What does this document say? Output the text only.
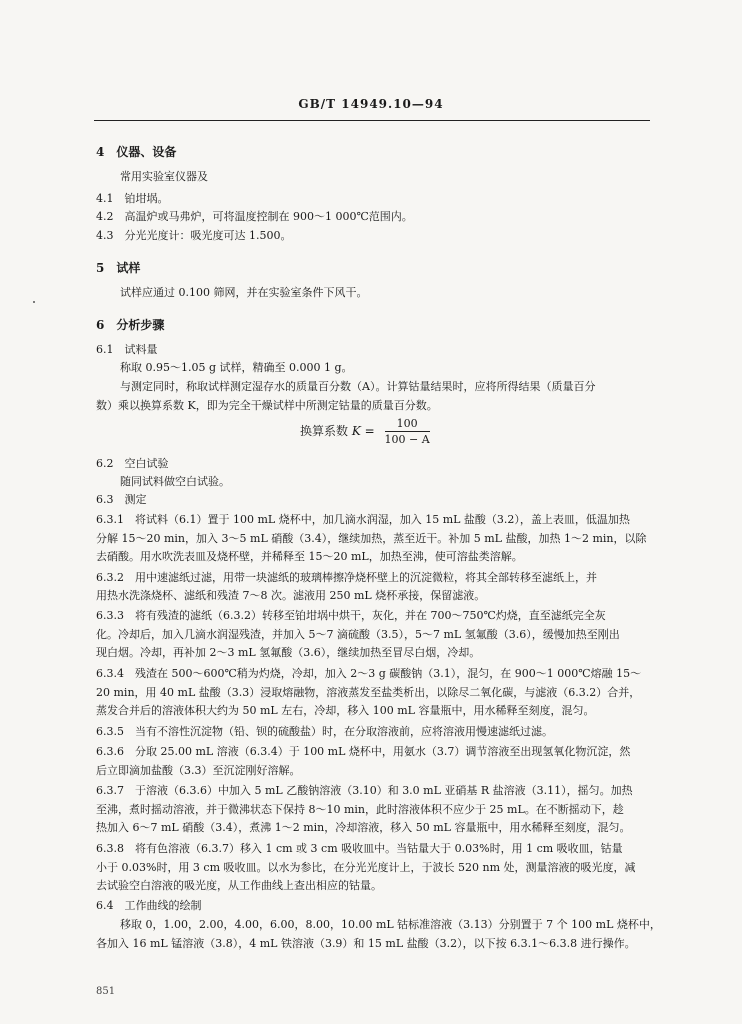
GB/T 14949.10—94
4　仪器、设备
常用实验室仪器及
4.1　铂坩埚。
4.2　高温炉或马弗炉，可将温度控制在 900～1 000℃范围内。
4.3　分光光度计：吸光度可达 1.500。
5　试样
试样应通过 0.100 筛网，并在实验室条件下风干。
6　分析步骤
6.1　试料量
称取 0.95～1.05 g 试样，精确至 0.000 1 g。
与测定同时，称取试样测定湿存水的质量百分数（A）。计算钴量结果时，应将所得结果（质量百分
数）乘以换算系数 K，即为完全干燥试样中所测定钴量的质量百分数。
6.2　空白试验
随同试料做空白试验。
6.3　测定
6.3.1　将试料（6.1）置于 100 mL 烧杯中，加几滴水润湿，加入 15 mL 盐酸（3.2），盖上表皿，低温加热
分解 15～20 min，加入 3～5 mL 硝酸（3.4），继续加热，蒸至近干。补加 5 mL 盐酸，加热 1～2 min，以除
去硝酸。用水吹洗表皿及烧杯壁，并稀释至 15～20 mL，加热至沸，使可溶盐类溶解。
6.3.2　用中速滤纸过滤，用带一块滤纸的玻璃棒擦净烧杯壁上的沉淀微粒，将其全部转移至滤纸上，并
用热水洗涤烧杯、滤纸和残渣 7～8 次。滤液用 250 mL 烧杯承接，保留滤液。
6.3.3　将有残渣的滤纸（6.3.2）转移至铂坩埚中烘干，灰化，并在 700～750℃灼烧，直至滤纸完全灰
化。冷却后，加入几滴水润湿残渣，并加入 5～7 滴硫酸（3.5），5～7 mL 氢氟酸（3.6），缓慢加热至刚出
现白烟。冷却，再补加 2～3 mL 氢氟酸（3.6），继续加热至冒尽白烟，冷却。
6.3.4　残渣在 500～600℃稍为灼烧，冷却，加入 2～3 g 碳酸钠（3.1），混匀，在 900～1 000℃熔融 15～
20 min，用 40 mL 盐酸（3.3）浸取熔融物，溶液蒸发至盐类析出，以除尽二氧化碳，与滤液（6.3.2）合并，
蒸发合并后的溶液体积大约为 50 mL 左右，冷却，移入 100 mL 容量瓶中，用水稀释至刻度，混匀。
6.3.5　当有不溶性沉淀物（铅、钡的硫酸盐）时，在分取溶液前，应将溶液用慢速滤纸过滤。
6.3.6　分取 25.00 mL 溶液（6.3.4）于 100 mL 烧杯中，用氨水（3.7）调节溶液至出现氢氧化物沉淀，然
后立即滴加盐酸（3.3）至沉淀刚好溶解。
6.3.7　于溶液（6.3.6）中加入 5 mL 乙酸钠溶液（3.10）和 3.0 mL 亚硝基 R 盐溶液（3.11），摇匀。加热
至沸，煮时摇动溶液，并于微沸状态下保持 8～10 min，此时溶液体积不应少于 25 mL。在不断摇动下，趁
热加入 6～7 mL 硝酸（3.4），煮沸 1～2 min，冷却溶液，移入 50 mL 容量瓶中，用水稀释至刻度，混匀。
6.3.8　将有色溶液（6.3.7）移入 1 cm 或 3 cm 吸收皿中。当钴量大于 0.03%时，用 1 cm 吸收皿，钴量
小于 0.03%时，用 3 cm 吸收皿。以水为参比，在分光光度计上，于波长 520 nm 处，测量溶液的吸光度，减
去试验空白溶液的吸光度，从工作曲线上查出相应的钴量。
6.4　工作曲线的绘制
移取 0，1.00，2.00，4.00，6.00，8.00，10.00 mL 钴标准溶液（3.13）分别置于 7 个 100 mL 烧杯中，
各加入 16 mL 锰溶液（3.8），4 mL 铁溶液（3.9）和 15 mL 盐酸（3.2），以下按 6.3.1～6.3.8 进行操作。
换算系数 $K = \frac{100}{100 - A}$
851
